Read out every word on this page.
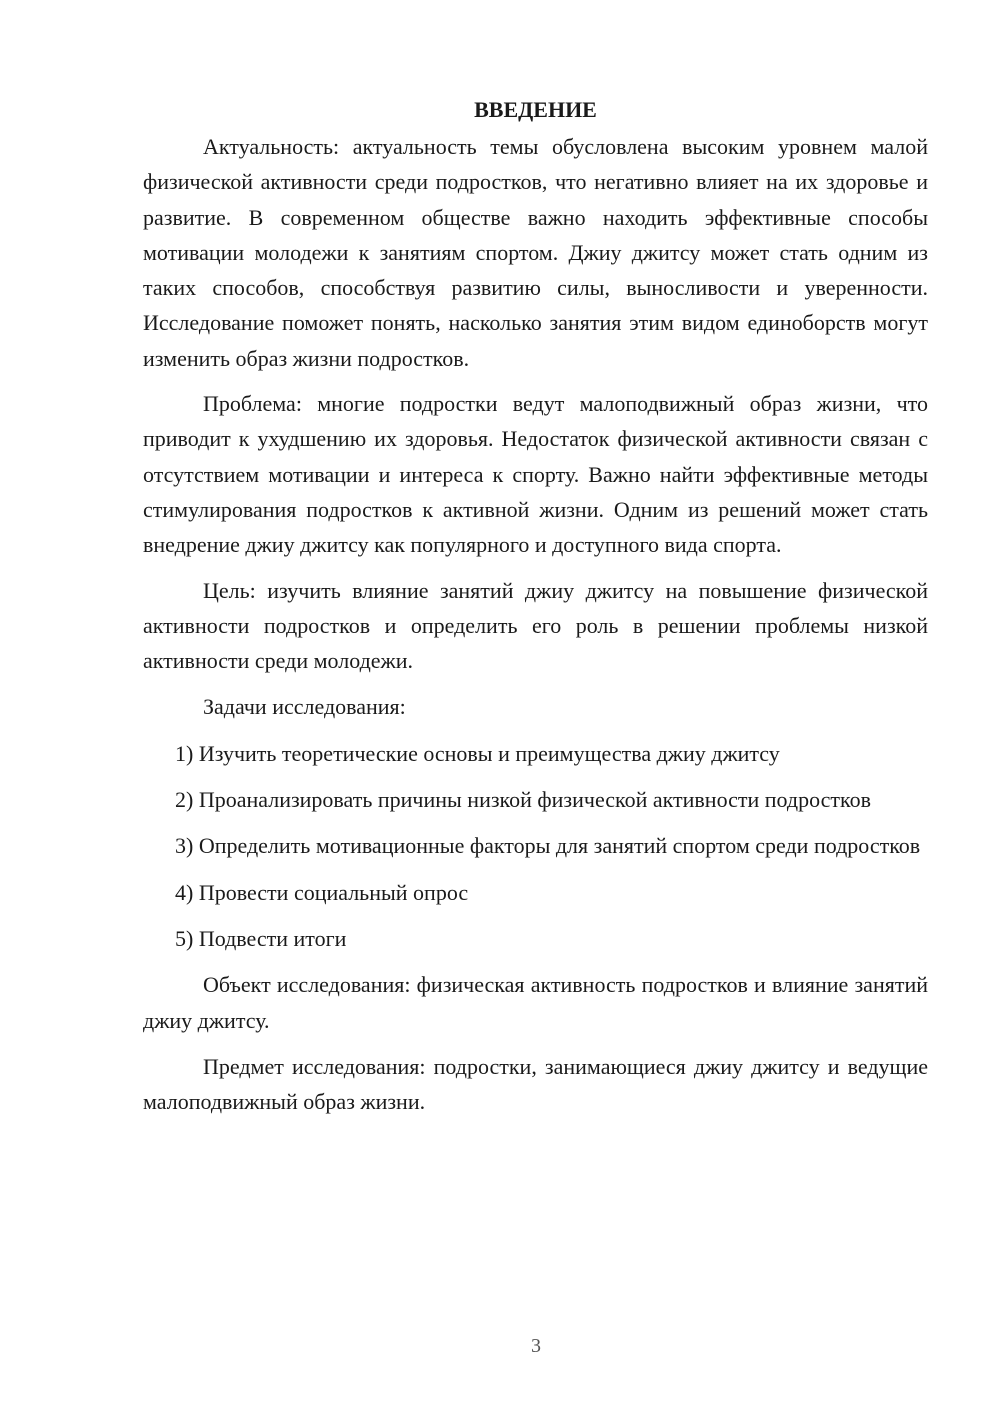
ВВЕДЕНИЕ

Актуальность: актуальность темы обусловлена высоким уровнем малой физической активности среди подростков, что негативно влияет на их здоровье и развитие. В современном обществе важно находить эффективные способы мотивации молодежи к занятиям спортом. Джиу джитсу может стать одним из таких способов, способствуя развитию силы, выносливости и уверенности. Исследование поможет понять, насколько занятия этим видом единоборств могут изменить образ жизни подростков.

Проблема: многие подростки ведут малоподвижный образ жизни, что приводит к ухудшению их здоровья. Недостаток физической активности связан с отсутствием мотивации и интереса к спорту. Важно найти эффективные методы стимулирования подростков к активной жизни. Одним из решений может стать внедрение джиу джитсу как популярного и доступного вида спорта.

Цель: изучить влияние занятий джиу джитсу на повышение физической активности подростков и определить его роль в решении проблемы низкой активности среди молодежи.

Задачи исследования:

1) Изучить теоретические основы и преимущества джиу джитсу

2) Проанализировать причины низкой физической активности подростков

3) Определить мотивационные факторы для занятий спортом среди подростков

4) Провести социальный опрос

5) Подвести итоги

Объект исследования: физическая активность подростков и влияние занятий джиу джитсу.

Предмет исследования: подростки, занимающиеся джиу джитсу и ведущие малоподвижный образ жизни.

3
